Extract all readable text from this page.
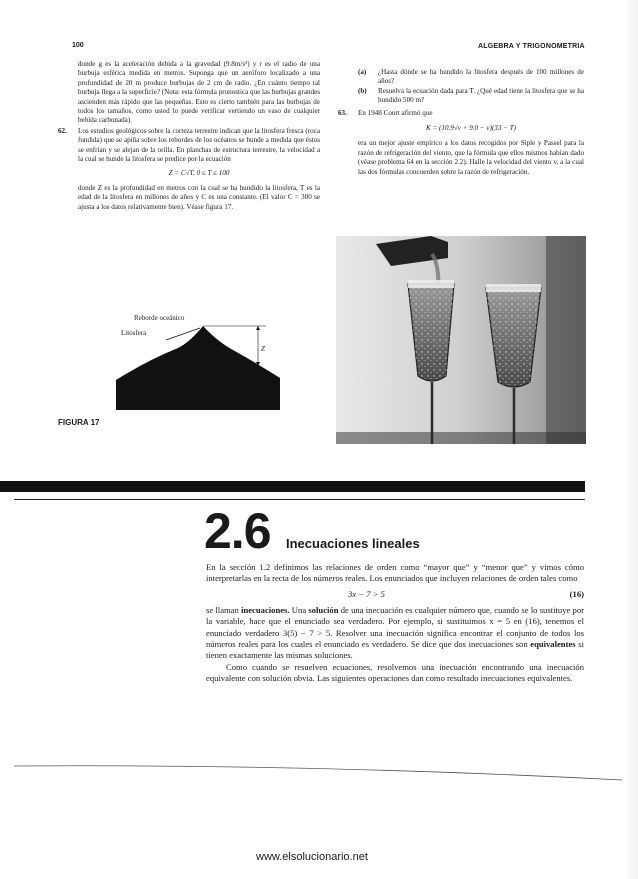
100	ALGEBRA Y TRIGONOMETRIA

donde g es la aceleración debida a la gravedad (9.8m/s²) y r es el radio de una burbuja esférica medida en metros. Suponga que un aeróforo localizado a una profundidad de 20 m produce burbujas de 2 cm de radio. ¿En cuánto tiempo tal burbuja llega a la superficie? (Nota: esta fórmula pronostica que las burbujas grandes ascienden más rápido que las pequeñas. Esto es cierto también para las burbujas de todos los tamaños, como usted lo puede verificar vertiendo un vaso de cualquier bebida carbonada).

62.	Los estudios geológicos sobre la corteza terrestre indican que la litosfera fresca (roca fundida) que se apiña sobre los rebordes de los océanos se hunde a medida que éstos se enfrían y se alejan de la orilla. En planchas de estructura terrestre, la velocidad a la cual se hunde la litosfera se predice por la ecuación
Z = C√T, 0 ≤ T ≤ 100

donde Z es la profundidad en metros con la cual se ha hundido la litosfera, T es la edad de la litosfera en millones de años y C es una constante. (El valor C = 300 se ajusta a los datos relativamente bien). Véase figura 17.

Reborde oceánico
Litosfera
Z
FIGURA 17
(a)	¿Hasta dónde se ha hundido la litosfera después de 100 millones de años?
(b)	Resuelva la ecuación dada para T. ¿Qué edad tiene la litosfera que se ha hundido 500 m?
63.	En 1948 Court afirmó que
K = (10.9√v + 9.0 − v)(33 − T)

era un mejor ajuste empírico a los datos recogidos por Siple y Passel para la razón de refrigeración del viento, que la fórmula que ellos mismos habían dado (véase problema 64 en la sección 2.2). Halle la velocidad del viento v, a la cual las dos fórmulas concuerden sobre la razón de refrigeración.

2.6 Inecuaciones lineales

En la sección 1.2 definimos las relaciones de orden como “mayor que” y “menor que” y vimos cómo interpretarlas en la recta de los números reales. Los enunciados que incluyen relaciones de orden tales como

3x − 7 > 5	(16)

se llaman inecuaciones. Una solución de una inecuación es cualquier número que, cuando se lo sustituye por la variable, hace que el enunciado sea verdadero. Por ejemplo, si sustituimos x = 5 en (16), tenemos el enunciado verdadero 3(5) − 7 > 5. Resolver una inecuación significa encontrar el conjunto de todos los números reales para los cuales el enunciado es verdadero. Se dice que dos inecuaciones son equivalentes si tienen exactamente las mismas soluciones.

Como cuando se resuelven ecuaciones, resolvemos una inecuación encontrando una inecuación equivalente con solución obvia. Las siguientes operaciones dan como resultado inecuaciones equivalentes.

www.elsolucionario.net
